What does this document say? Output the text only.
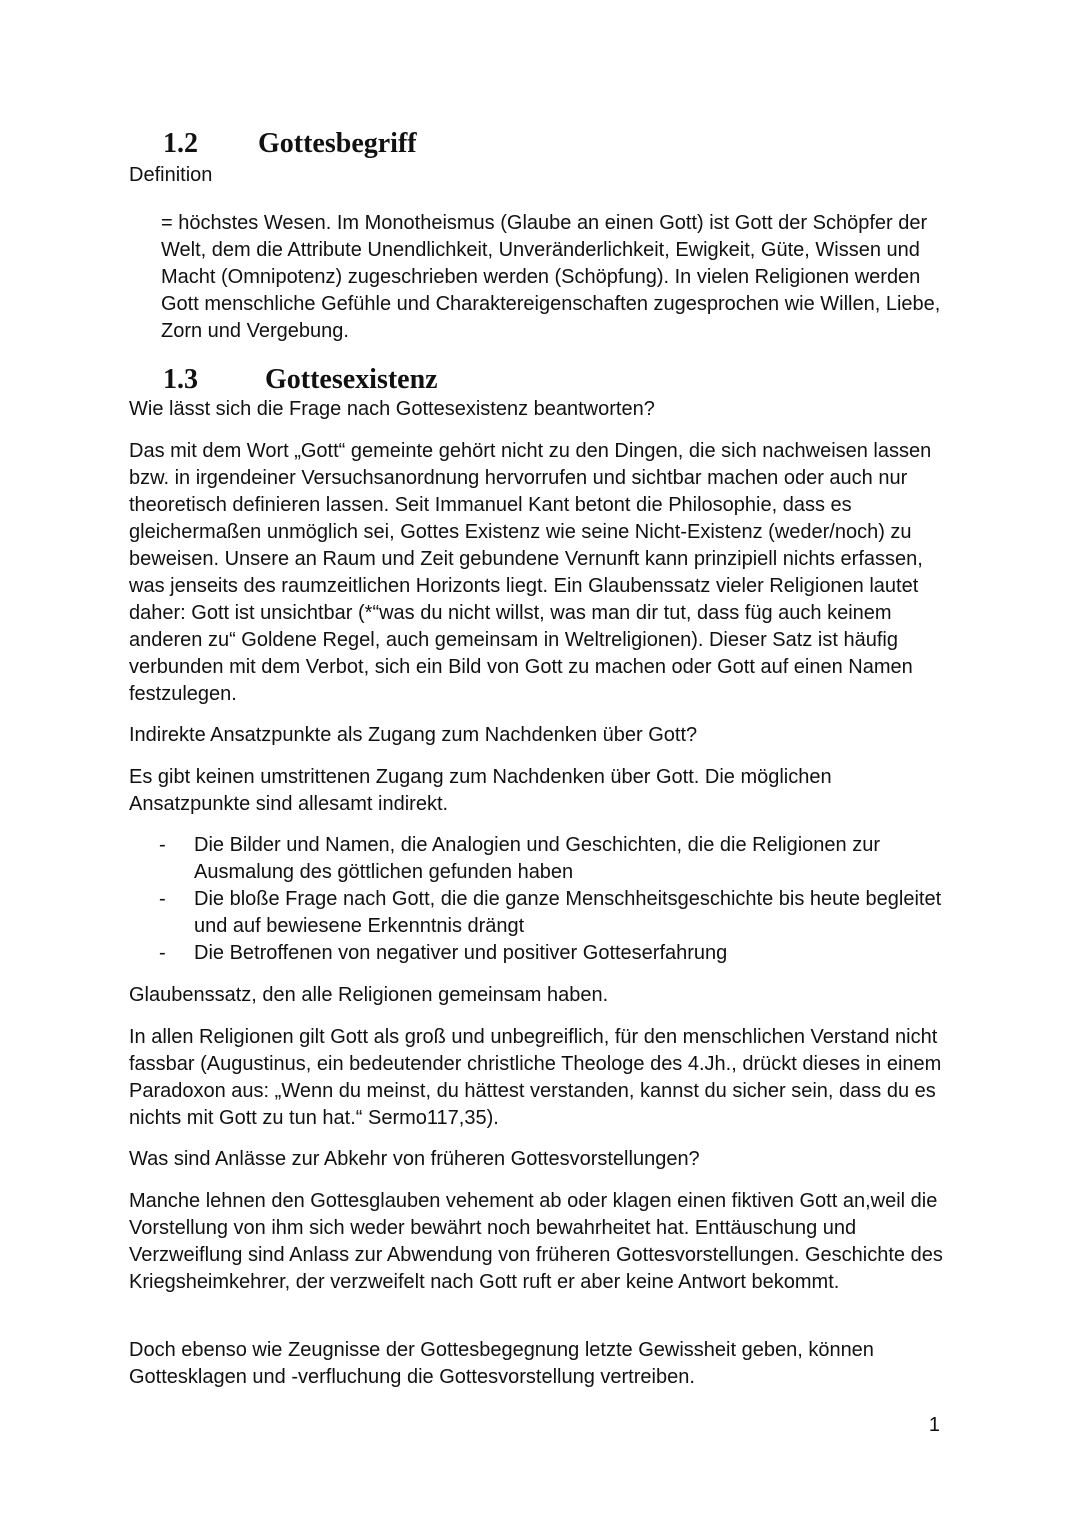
1.2 Gottesbegriff

Definition

= höchstes Wesen. Im Monotheismus (Glaube an einen Gott) ist Gott der Schöpfer der Welt, dem die Attribute Unendlichkeit, Unveränderlichkeit, Ewigkeit, Güte, Wissen und Macht (Omnipotenz) zugeschrieben werden (Schöpfung). In vielen Religionen werden Gott menschliche Gefühle und Charaktereigenschaften zugesprochen wie Willen, Liebe, Zorn und Vergebung.

1.3 Gottesexistenz

Wie lässt sich die Frage nach Gottesexistenz beantworten?

Das mit dem Wort „Gott“ gemeinte gehört nicht zu den Dingen, die sich nachweisen lassen bzw. in irgendeiner Versuchsanordnung hervorrufen und sichtbar machen oder auch nur theoretisch definieren lassen. Seit Immanuel Kant betont die Philosophie, dass es gleichermaßen unmöglich sei, Gottes Existenz wie seine Nicht-Existenz (weder/noch) zu beweisen. Unsere an Raum und Zeit gebundene Vernunft kann prinzipiell nichts erfassen, was jenseits des raumzeitlichen Horizonts liegt. Ein Glaubenssatz vieler Religionen lautet daher: Gott ist unsichtbar (*“was du nicht willst, was man dir tut, dass füg auch keinem anderen zu“ Goldene Regel, auch gemeinsam in Weltreligionen). Dieser Satz ist häufig verbunden mit dem Verbot, sich ein Bild von Gott zu machen oder Gott auf einen Namen festzulegen.

Indirekte Ansatzpunkte als Zugang zum Nachdenken über Gott?

Es gibt keinen umstrittenen Zugang zum Nachdenken über Gott. Die möglichen Ansatzpunkte sind allesamt indirekt.

- Die Bilder und Namen, die Analogien und Geschichten, die die Religionen zur Ausmalung des göttlichen gefunden haben
- Die bloße Frage nach Gott, die die ganze Menschheitsgeschichte bis heute begleitet und auf bewiesene Erkenntnis drängt
- Die Betroffenen von negativer und positiver Gotteserfahrung

Glaubenssatz, den alle Religionen gemeinsam haben.

In allen Religionen gilt Gott als groß und unbegreiflich, für den menschlichen Verstand nicht fassbar (Augustinus, ein bedeutender christliche Theologe des 4.Jh., drückt dieses in einem Paradoxon aus: „Wenn du meinst, du hättest verstanden, kannst du sicher sein, dass du es nichts mit Gott zu tun hat.“ Sermo117,35).

Was sind Anlässe zur Abkehr von früheren Gottesvorstellungen?

Manche lehnen den Gottesglauben vehement ab oder klagen einen fiktiven Gott an,weil die Vorstellung von ihm sich weder bewährt noch bewahrheitet hat. Enttäuschung und Verzweiflung sind Anlass zur Abwendung von früheren Gottesvorstellungen. Geschichte des Kriegsheimkehrer, der verzweifelt nach Gott ruft er aber keine Antwort bekommt.

Doch ebenso wie Zeugnisse der Gottesbegegnung letzte Gewissheit geben, können Gottesklagen und -verfluchung die Gottesvorstellung vertreiben.

1
